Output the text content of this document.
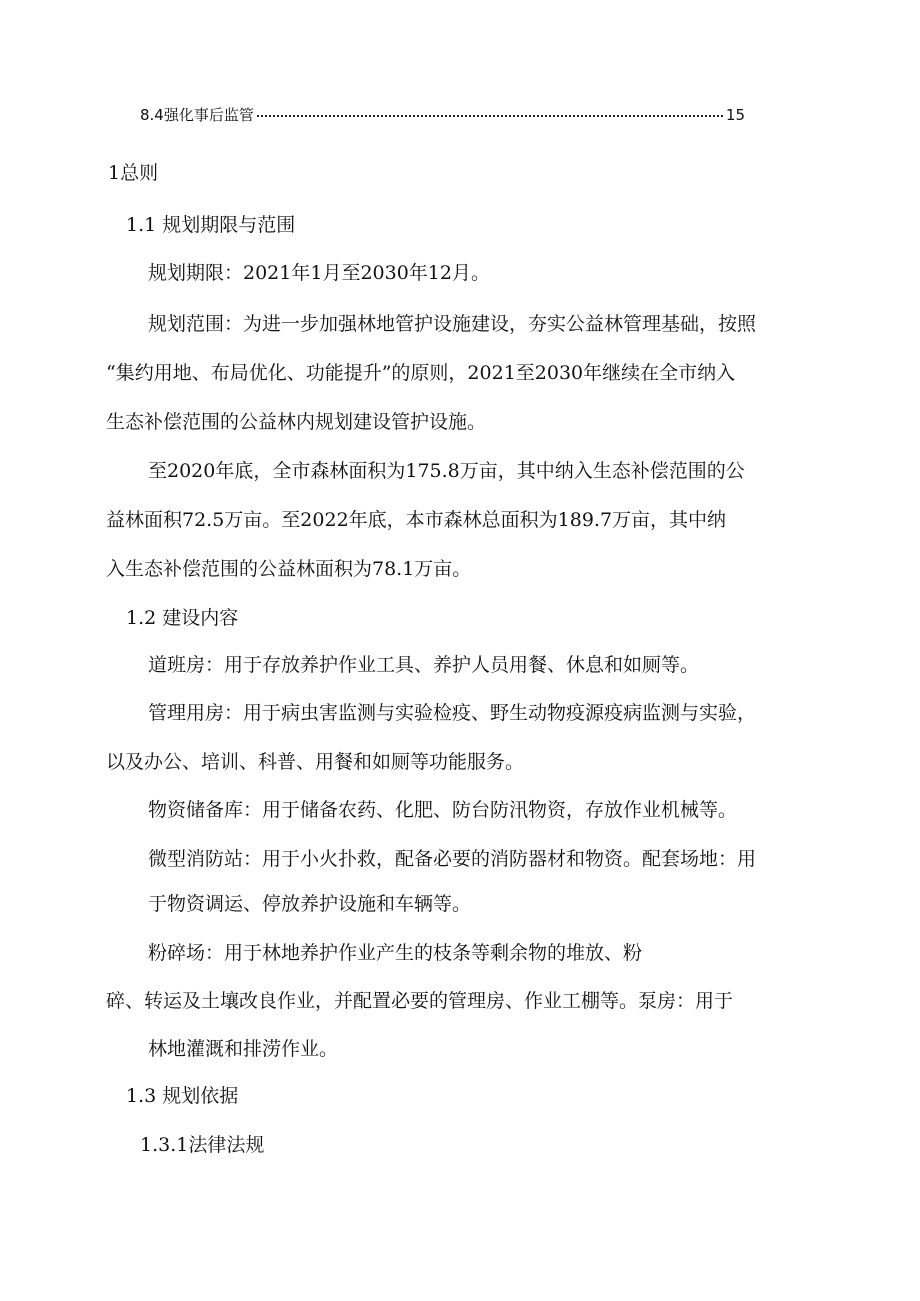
8.4强化事后监管	15
1总则
1.1 规划期限与范围
规划期限：2021年1月至2030年12月。
规划范围：为进一步加强林地管护设施建设，夯实公益林管理基础，按照
“集约用地、布局优化、功能提升”的原则，2021至2030年继续在全市纳入
生态补偿范围的公益林内规划建设管护设施。
至2020年底，全市森林面积为175.8万亩，其中纳入生态补偿范围的公
益林面积72.5万亩。至2022年底，本市森林总面积为189.7万亩，其中纳
入生态补偿范围的公益林面积为78.1万亩。
1.2 建设内容
道班房：用于存放养护作业工具、养护人员用餐、休息和如厕等。
管理用房：用于病虫害监测与实验检疫、野生动物疫源疫病监测与实验，
以及办公、培训、科普、用餐和如厕等功能服务。
物资储备库：用于储备农药、化肥、防台防汛物资，存放作业机械等。
微型消防站：用于小火扑救，配备必要的消防器材和物资。配套场地：用
于物资调运、停放养护设施和车辆等。
粉碎场：用于林地养护作业产生的枝条等剩余物的堆放、粉
碎、转运及土壤改良作业，并配置必要的管理房、作业工棚等。泵房：用于
林地灌溉和排涝作业。
1.3 规划依据
1.3.1法律法规
